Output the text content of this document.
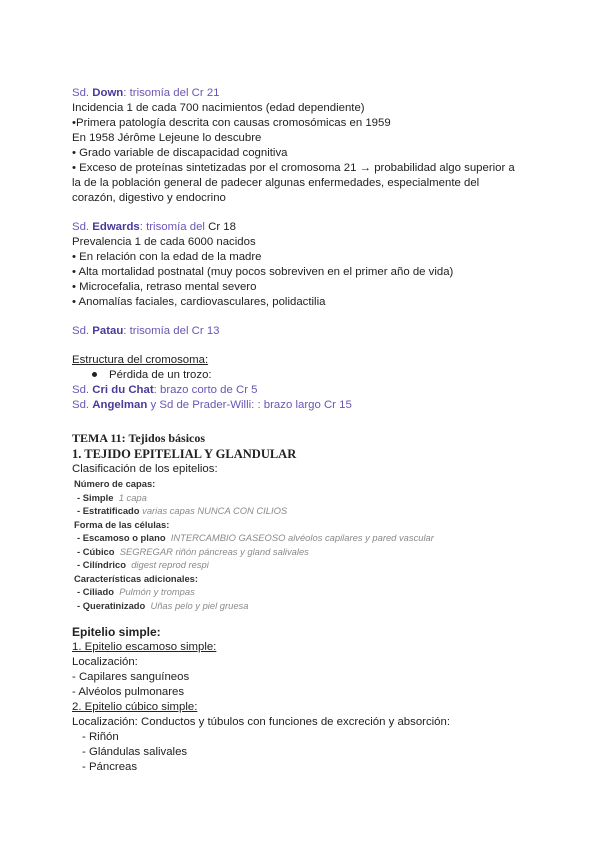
Sd. Down: trisomía del Cr 21
Incidencia 1 de cada 700 nacimientos (edad dependiente)
•Primera patología descrita con causas cromosómicas en 1959
En 1958 Jérôme Lejeune lo descubre
• Grado variable de discapacidad cognitiva
• Exceso de proteínas sintetizadas por el cromosoma 21 → probabilidad algo superior a la de la población general de padecer algunas enfermedades, especialmente del corazón, digestivo y endocrino
Sd. Edwards: trisomía del Cr 18
Prevalencia 1 de cada 6000 nacidos
• En relación con la edad de la madre
• Alta mortalidad postnatal (muy pocos sobreviven en el primer año de vida)
• Microcefalia, retraso mental severo
• Anomalías faciales, cardiovasculares, polidactilia
Sd. Patau: trisomía del Cr 13
Estructura del cromosoma:
Pérdida de un trozo:
Sd. Cri du Chat: brazo corto de Cr 5
Sd. Angelman y Sd de Prader-Willi: : brazo largo Cr 15
TEMA 11: Tejidos básicos
1. TEJIDO EPITELIAL Y GLANDULAR
Clasificación de los epitelios:
Número de capas:
- Simple 1 capa
- Estratificado varias capas NUNCA CON CILIOS
Forma de las células:
- Escamoso o plano INTERCAMBIO GASEOSO alvéolos capilares y pared vascular
- Cúbico SEGREGAR riñón páncreas y gland salivales
- Cilíndrico digest reprod respi
Características adicionales:
- Ciliado Pulmón y trompas
- Queratinizado Uñas pelo y piel gruesa
Epitelio simple:
1. Epitelio escamoso simple:
Localización:
- Capilares sanguíneos
- Alvéolos pulmonares
2. Epitelio cúbico simple:
Localización: Conductos y túbulos con funciones de excreción y absorción:
- Riñón
- Glándulas salivales
- Páncreas
